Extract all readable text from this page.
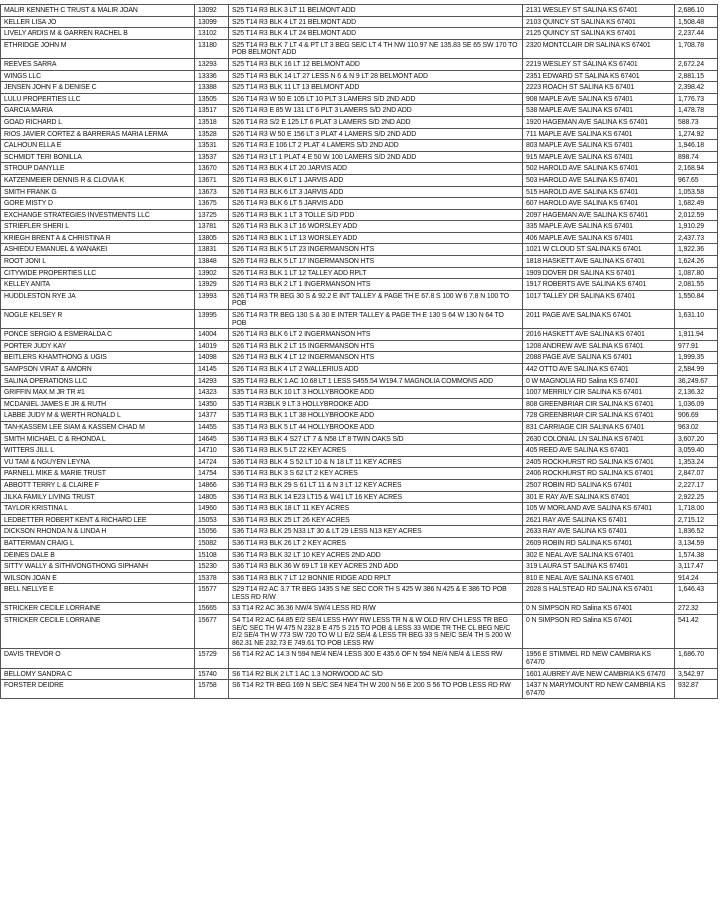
MALIR KENNETH C TRUST & MALIR JOAN	13092	S25 T14 R3 BLK 3 LT 11 BELMONT ADD	2131 WESLEY ST SALINA KS 67401	2,686.10
KELLER LISA JO	13099	S25 T14 R3 BLK 4 LT 21 BELMONT ADD	2103 QUINCY ST SALINA KS 67401	1,508.48
LIVELY ARDIS M & GARREN RACHEL B	13102	S25 T14 R3 BLK 4 LT 24 BELMONT ADD	2125 QUINCY ST SALINA KS 67401	2,237.44
ETHRIDGE JOHN M	13180	S25 T14 R3 BLK 7 LT 4 & PT LT 3 BEG SE/C LT 4 TH NW 110.97 NE 135.83 SE 65 SW 170 TO POB BELMONT ADD	2320 MONTCLAIR DR SALINA KS 67401	1,708.78
REEVES SARRA	13293	S25 T14 R3 BLK 16 LT 12 BELMONT ADD	2219 WESLEY ST SALINA KS 67401	2,672.24
WINGS LLC	13336	S25 T14 R3 BLK 14 LT 27 LESS N 6 & N 9 LT 28 BELMONT ADD	2351 EDWARD ST SALINA KS 67401	2,881.15
JENSEN JOHN F & DENISE C	13388	S25 T14 R3 BLK 11 LT 13 BELMONT ADD	2223 ROACH ST SALINA KS 67401	2,398.42
LULU PROPERTIES LLC	13505	S26 T14 R3 W 50 E 105 LT 10 PLT 3 LAMERS S/D 2ND ADD	908 MAPLE AVE SALINA KS 67401	1,776.73
GARCIA MARIA	13517	S26 T14 R3 E 85 W 131 LT 6 PLT 3 LAMERS S/D 2ND ADD	538 MAPLE AVE SALINA KS 67401	1,478.78
GOAD RICHARD L	13518	S26 T14 R3 S/2 E 125 LT 6 PLAT 3 LAMERS S/D 2ND ADD	1920 HAGEMAN AVE SALINA KS 67401	588.73
RIOS JAVIER CORTEZ & BARRERAS MARIA LERMA	13528	S26 T14 R3 W 50 E 156 LT 3 PLAT 4 LAMERS S/D 2ND ADD	711 MAPLE AVE SALINA KS 67401	1,274.92
CALHOUN ELLA E	13531	S26 T14 R3 E 106 LT 2 PLAT 4 LAMERS S/D 2ND ADD	803 MAPLE AVE SALINA KS 67401	1,946.18
SCHMIDT TERI BONILLA	13537	S26 T14 R3 LT 1 PLAT 4 E 50 W 100 LAMERS S/D 2ND ADD	915 MAPLE AVE SALINA KS 67401	898.74
STROUP DANYLLE	13670	S26 T14 R3 BLK 4 LT 20 JARVIS ADD	502 HAROLD AVE SALINA KS 67401	2,168.94
KATZENMEIER DENNIS R & CLOVIA K	13671	S26 T14 R3 BLK 6 LT 1 JARVIS ADD	503 HAROLD AVE SALINA KS 67401	967.65
SMITH FRANK G	13673	S26 T14 R3 BLK 6 LT 3 JARVIS ADD	515 HAROLD AVE SALINA KS 67401	1,053.58
GORE MISTY D	13675	S26 T14 R3 BLK 6 LT 5 JARVIS ADD	607 HAROLD AVE SALINA KS 67401	1,682.49
EXCHANGE STRATEGIES INVESTMENTS LLC	13725	S26 T14 R3 BLK 1 LT 3 TOLLE S/D PDD	2097 HAGEMAN AVE SALINA KS 67401	2,012.59
STRIEFLER SHERI L	13781	S26 T14 R3 BLK 3 LT 16 WORSLEY ADD	335 MAPLE AVE SALINA KS 67401	1,910.29
KRIEGH BRENT A & CHRISTINA R	13805	S26 T14 R3 BLK 1 LT 13 WORSLEY ADD	406 MAPLE AVE SALINA KS 67401	2,437.73
ASHIEDU EMANUEL & WANAKEI	13831	S26 T14 R3 BLK 5 LT 23 INGERMANSON HTS	1021 W CLOUD ST SALINA KS 67401	1,922.36
ROOT JONI L	13848	S26 T14 R3 BLK 5 LT 17 INGERMANSON HTS	1818 HASKETT AVE SALINA KS 67401	1,624.26
CITYWIDE PROPERTIES LLC	13902	S26 T14 R3 BLK 1 LT 12 TALLEY ADD RPLT	1909 DOVER DR SALINA KS 67401	1,087.80
KELLEY ANITA	13929	S26 T14 R3 BLK 2 LT 1 INGERMANSON HTS	1917 ROBERTS AVE SALINA KS 67401	2,081.55
HUDDLESTON RYE JA	13993	S26 T14 R3 TR BEG 30 S & 92.2 E INT TALLEY & PAGE TH E 67.8 S 100 W 6 7.8 N 100 TO POB	1017 TALLEY DR SALINA KS 67401	1,550.84
NOGLE KELSEY R	13995	S26 T14 R3 TR BEG 130 S & 30 E INTER TALLEY & PAGE TH E 130 S 64 W 130 N 64 TO POB	2011 PAGE AVE SALINA KS 67401	1,631.10
PONCE SERGIO & ESMERALDA C	14004	S26 T14 R3 BLK 6 LT 2 INGERMANSON HTS	2016 HASKETT AVE SALINA KS 67401	1,911.94
PORTER JUDY KAY	14019	S26 T14 R3 BLK 2 LT 15 INGERMANSON HTS	1208 ANDREW AVE SALINA KS 67401	977.91
BEITLERS KHAMTHONG & UGIS	14098	S26 T14 R3 BLK 4 LT 12 INGERMANSON HTS	2088 PAGE AVE SALINA KS 67401	1,999.35
SAMPSON VIRAT & AMORN	14145	S26 T14 R3 BLK 4 LT 2 WALLERIUS ADD	442 OTTO AVE SALINA KS 67401	2,584.99
SALINA OPERATIONS LLC	14293	S35 T14 R3 BLK 1 AC 10.68 LT 1 LESS S455.54 W194.7 MAGNOLIA COMMONS ADD	0 W MAGNOLIA RD Salina KS 67401	36,249.67
GRIFFIN MAX M JR TR #1	14323	S35 T14 R3 BLK 10 LT 3 HOLLYBROOKE ADD	1007 MERRILY CIR SALINA KS 67401	2,136.32
MCDANIEL JAMES E JR & RUTH	14350	S35 T14 R3BLK 9 LT 3 HOLLYBROOKE ADD	808 GREENBRIAR CIR SALINA KS 67401	1,036.09
LABBE JUDY M & WERTH RONALD L	14377	S35 T14 R3 BLK 1 LT 38 HOLLYBROOKE ADD	728 GREENBRIAR CIR SALINA KS 67401	906.69
TAN-KASSEM LEE SIAM & KASSEM CHAD M	14455	S35 T14 R3 BLK 5 LT 44 HOLLYBROOKE ADD	831 CARRIAGE CIR SALINA KS 67401	963.02
SMITH MICHAEL C & RHONDA L	14645	S36 T14 R3 BLK 4 S27 LT 7 & N58 LT 8 TWIN OAKS S/D	2630 COLONIAL LN SALINA KS 67401	3,607.20
WITTERS JILL L	14710	S36 T14 R3 BLK 5 LT 22 KEY ACRES	405 REED AVE SALINA KS 67401	3,059.40
VU TAM & NGUYEN LEYNA	14724	S36 T14 R3 BLK 4 S 52 LT 10 & N 18 LT 11 KEY ACRES	2405 ROCKHURST RD SALINA KS 67401	1,353.24
PARNELL MIKE & MARIE TRUST	14754	S36 T14 R3 BLK 3 S 62 LT 2 KEY ACRES	2406 ROCKHURST RD SALINA KS 67401	2,847.07
ABBOTT TERRY L & CLAIRE F	14866	S36 T14 R3 BLK 29 S 61 LT 11 & N 3 LT 12 KEY ACRES	2507 ROBIN RD SALINA KS 67401	2,227.17
JILKA FAMILY LIVING TRUST	14805	S36 T14 R3 BLK 14 E23 LT15 & W41 LT 16 KEY ACRES	301 E RAY AVE SALINA KS 67401	2,922.25
TAYLOR KRISTINA L	14960	S36 T14 R3 BLK 18 LT 11 KEY ACRES	105 W MORLAND AVE SALINA KS 67401	1,718.00
LEDBETTER ROBERT KENT & RICHARD LEE	15053	S36 T14 R3 BLK 25 LT 26 KEY ACRES	2621 RAY AVE SALINA KS 67401	2,715.12
DICKSON RHONDA N & LINDA H	15056	S36 T14 R3 BLK 25 N33 LT 30 & LT 29 LESS N13 KEY ACRES	2633 RAY AVE SALINA KS 67401	1,836.52
BATTERMAN CRAIG L	15082	S36 T14 R3 BLK 26 LT 2 KEY ACRES	2609 ROBIN RD SALINA KS 67401	3,134.59
DEINES DALE B	15108	S36 T14 R3 BLK 32 LT 10 KEY ACRES 2ND ADD	302 E NEAL AVE SALINA KS 67401	1,574.38
SITTY WALLY & SITHIVONGTHONG SIPHANH	15230	S36 T14 R3 BLK 36 W 69 LT 18 KEY ACRES 2ND ADD	319 LAURA ST SALINA KS 67401	3,117.47
WILSON JOAN E	15378	S36 T14 R3 BLK 7 LT 12 BONNIE RIDGE ADD RPLT	810 E NEAL AVE SALINA KS 67401	914.24
BELL NELLYE E	15577	S29 T14 R2 AC 3.7 TR BEG 1435 S NE SEC COR TH S 425 W 386 N 425 & E 386 TO POB LESS RD R/W	2028 S HALSTEAD RD SALINA KS 67401	1,646.43
STRICKER CECILE LORRAINE	15665	S3 T14 R2 AC 36.36 NW/4 SW/4 LESS RD R/W	0 N SIMPSON RD Salina KS 67401	272.32
STRICKER CECILE LORRAINE	15677	S4 T14 R2 AC 64.85 E/2 SE/4 LESS HWY RW LESS TR N & W OLD RIV CH LESS TR BEG SE/C SEC TH W 475 N 232.8 E 475 S 215 TO POB & LESS 33 WIDE TR THE CL BEG NE/C E/2 SE/4 TH W 773 SW 720 TO W LI E/2 SE/4 & LESS TR BEG 33 S NE/C SE/4 TH S 200 W 862.31 NE 232.73 E 749.61 TO POB LESS RW	0 N SIMPSON RD Salina KS 67401	541.42
DAVIS TREVOR O	15729	S6 T14 R2 AC 14.3 N 594 NE/4 NE/4 LESS 300 E 435.6 OF N 594 NE/4 NE/4 & LESS RW	1956 E STIMMEL RD NEW CAMBRIA KS 67470	1,686.70
BELLOMY SANDRA C	15740	S6 T14 R2 BLK 2 LT 1 AC 1.3 NORWOOD AC S/D	1601 AUBREY AVE NEW CAMBRIA KS 67470	3,542.97
FORSTER DEIDRE	15758	S6 T14 R2 TR BEG 169 N SE/C SE4 NE4 TH W 200 N 56 E 200 S 56 TO POB LESS RD RW	1437 N MARYMOUNT RD NEW CAMBRIA KS 67470	932.87
